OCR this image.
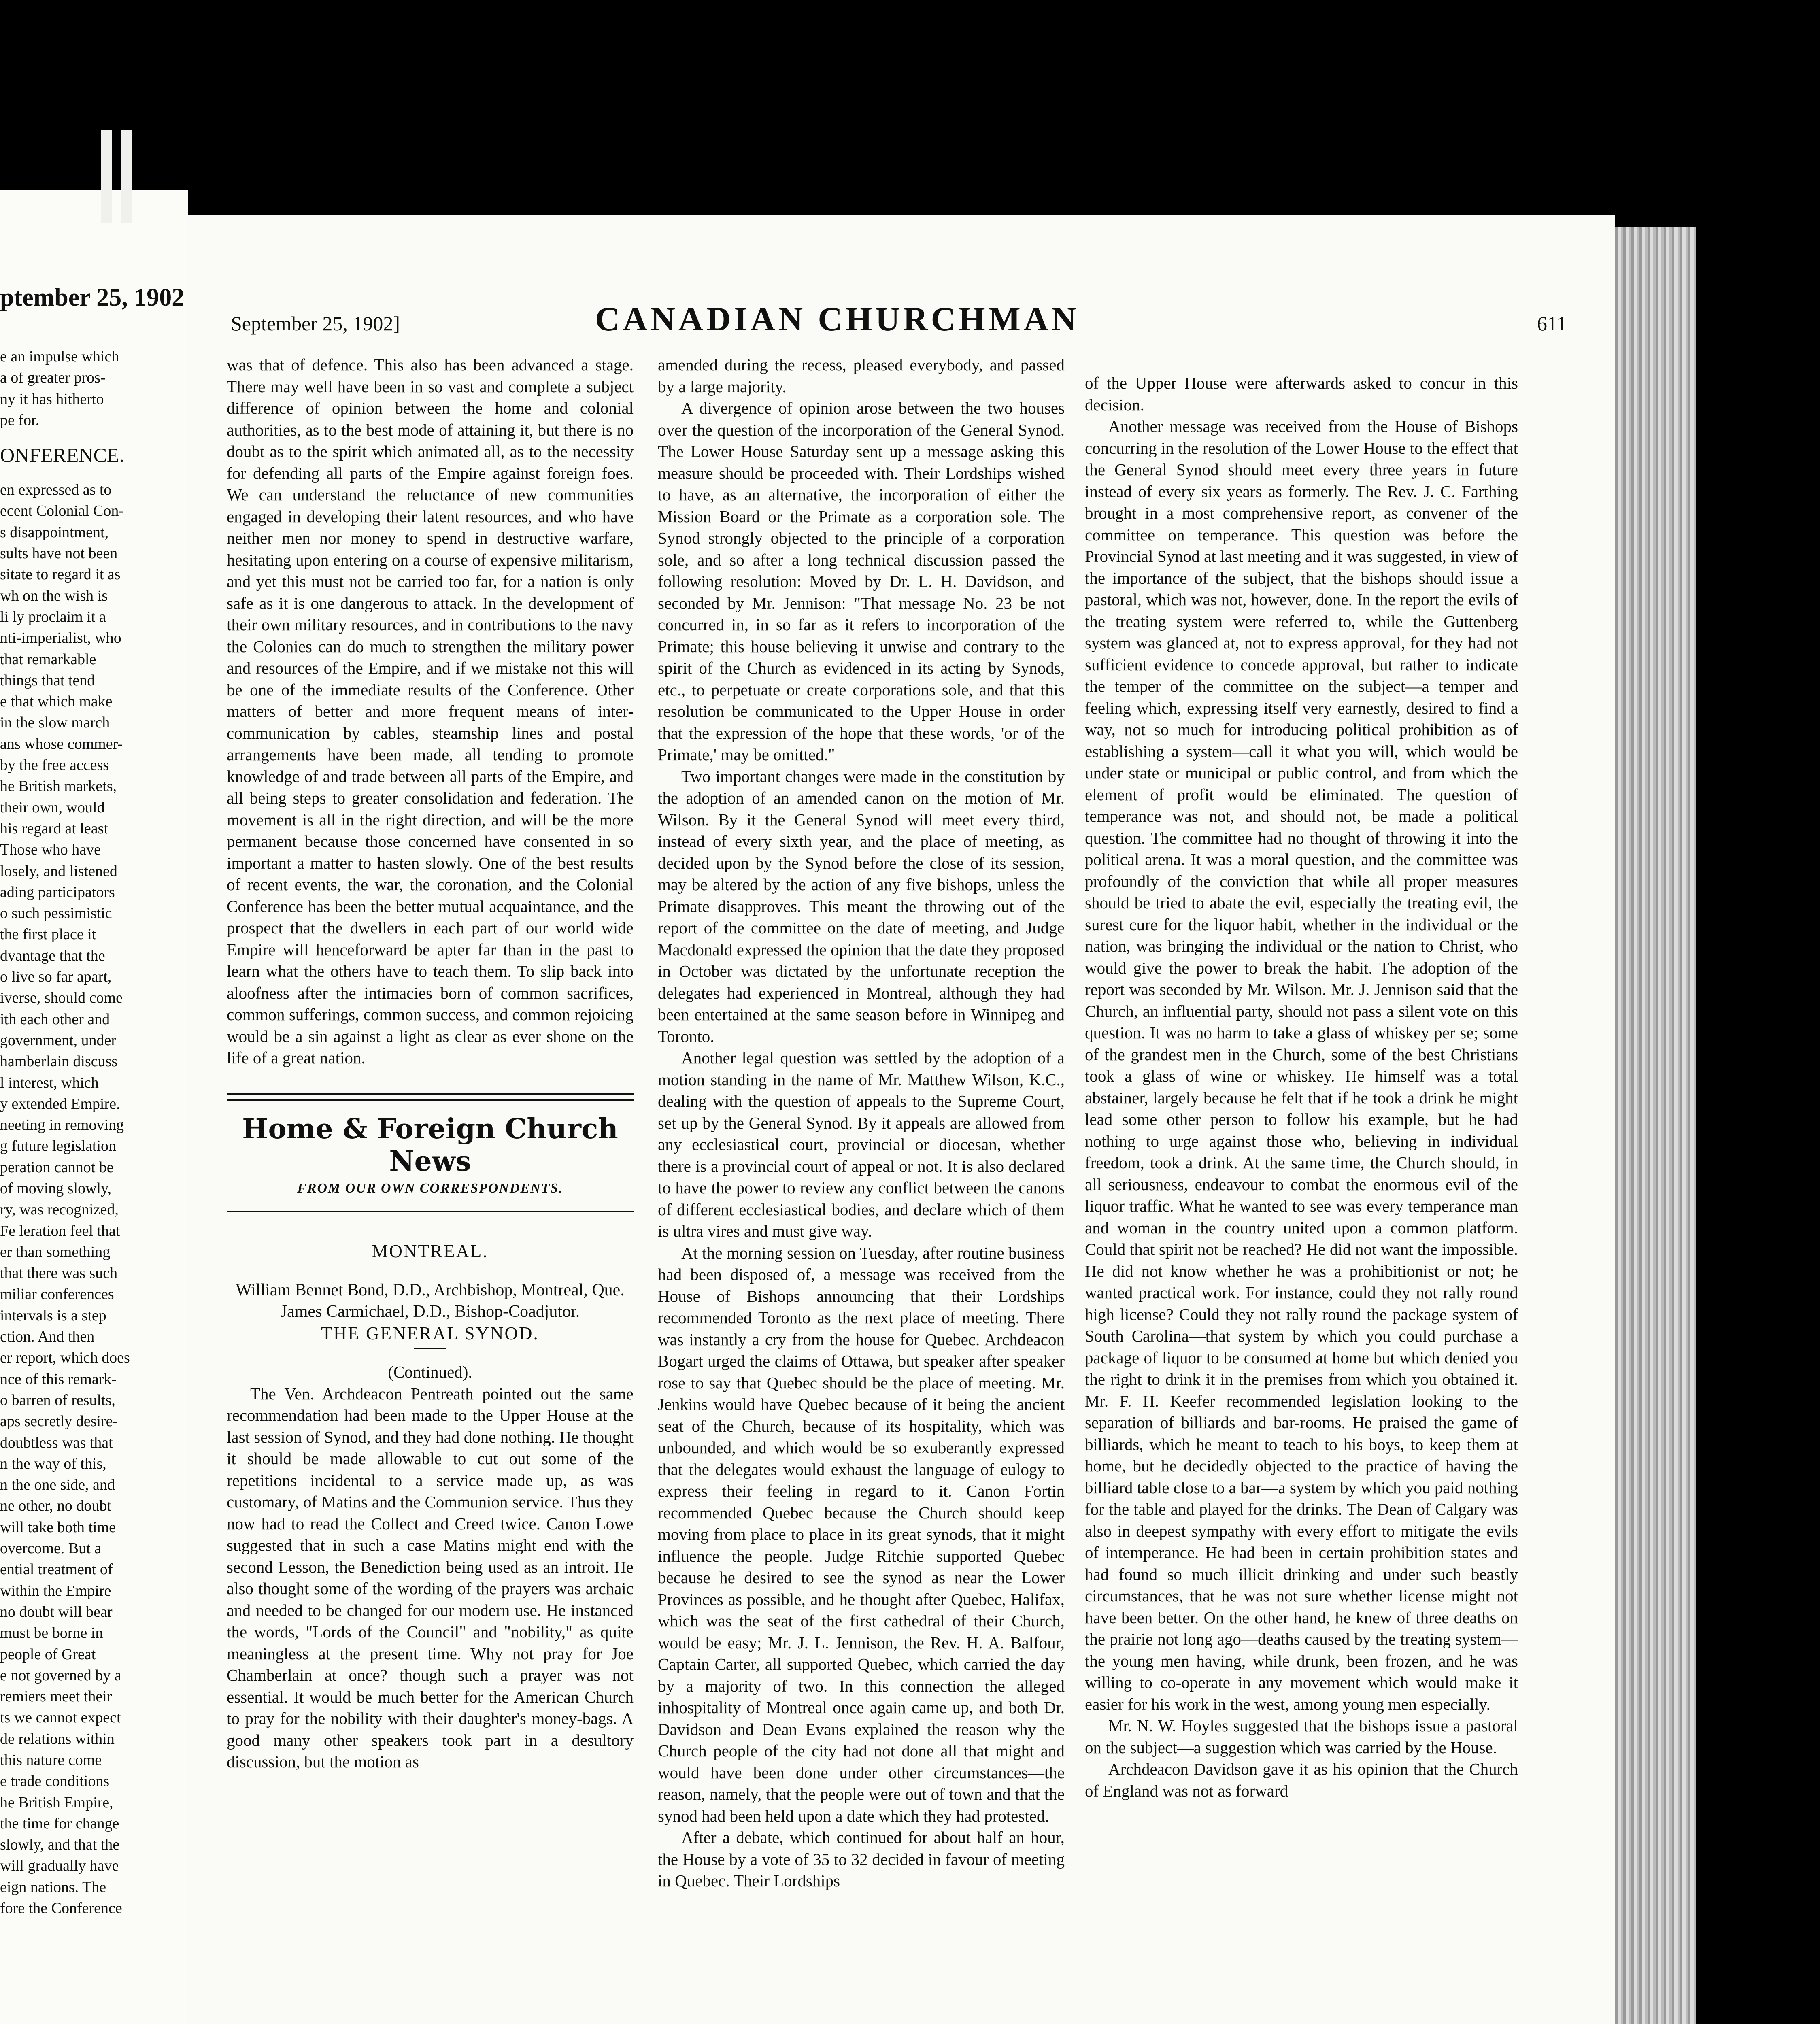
ptember 25, 1902
e an impulse which
a of greater pros-
ny it has hitherto
pe for.
ONFERENCE.
en expressed as to
ecent Colonial Con-
s disappointment,
sults have not been
sitate to regard it as
wh on the wish is
li ly proclaim it a
nti-imperialist, who
that remarkable
things that tend
e that which make
in the slow march
ans whose commer-
by the free access
he British markets,
their own, would
his regard at least
Those who have
losely, and listened
ading participators
o such pessimistic
the first place it
dvantage that the
o live so far apart,
iverse, should come
ith each other and
government, under
hamberlain discuss
l interest, which
y extended Empire.
neeting in removing
g future legislation
peration cannot be
of moving slowly,
ry, was recognized,
Fe leration feel that
er than something
that there was such
miliar conferences
intervals is a step
ction. And then
er report, which does
nce of this remark-
o barren of results,
aps secretly desire-
doubtless was that
n the way of this,
n the one side, and
ne other, no doubt
will take both time
overcome. But a
ential treatment of
within the Empire
no doubt will bear
must be borne in
people of Great
e not governed by a
remiers meet their
ts we cannot expect
de relations within
this nature come
e trade conditions
he British Empire,
the time for change
slowly, and that the
will gradually have
eign nations. The
fore the Conference
September 25, 1902]	CANADIAN CHURCHMAN	611

was that of defence. This also has been advanced a stage. There may well have been in so vast and complete a subject difference of opinion between the home and colonial authorities, as to the best mode of attaining it, but there is no doubt as to the spirit which animated all, as to the necessity for defending all parts of the Empire against foreign foes. We can understand the reluctance of new communities engaged in developing their latent resources, and who have neither men nor money to spend in destructive warfare, hesitating upon entering on a course of expensive militarism, and yet this must not be carried too far, for a nation is only safe as it is one dangerous to attack. In the development of their own military resources, and in contributions to the navy the Colonies can do much to strengthen the military power and resources of the Empire, and if we mistake not this will be one of the immediate results of the Conference. Other matters of better and more frequent means of inter-communication by cables, steamship lines and postal arrangements have been made, all tending to promote knowledge of and trade between all parts of the Empire, and all being steps to greater consolidation and federation. The movement is all in the right direction, and will be the more permanent because those concerned have consented in so important a matter to hasten slowly. One of the best results of recent events, the war, the coronation, and the Colonial Conference has been the better mutual acquaintance, and the prospect that the dwellers in each part of our world wide Empire will henceforward be apter far than in the past to learn what the others have to teach them. To slip back into aloofness after the intimacies born of common sacrifices, common sufferings, common success, and common rejoicing would be a sin against a light as clear as ever shone on the life of a great nation.

Home & Foreign Church News
FROM OUR OWN CORRESPONDENTS.

MONTREAL.

William Bennet Bond, D.D., Archbishop, Montreal, Que.

James Carmichael, D.D., Bishop-Coadjutor.

THE GENERAL SYNOD.

(Continued).

The Ven. Archdeacon Pentreath pointed out the same recommendation had been made to the Upper House at the last session of Synod, and they had done nothing. He thought it should be made allowable to cut out some of the repetitions incidental to a service made up, as was customary, of Matins and the Communion service. Thus they now had to read the Collect and Creed twice. Canon Lowe suggested that in such a case Matins might end with the second Lesson, the Benediction being used as an introit. He also thought some of the wording of the prayers was archaic and needed to be changed for our modern use. He instanced the words, "Lords of the Council" and "nobility," as quite meaningless at the present time. Why not pray for Joe Chamberlain at once? though such a prayer was not essential. It would be much better for the American Church to pray for the nobility with their daughter's money-bags. A good many other speakers took part in a desultory discussion, but the motion as

amended during the recess, pleased everybody, and passed by a large majority.

A divergence of opinion arose between the two houses over the question of the incorporation of the General Synod. The Lower House Saturday sent up a message asking this measure should be proceeded with. Their Lordships wished to have, as an alternative, the incorporation of either the Mission Board or the Primate as a corporation sole. The Synod strongly objected to the principle of a corporation sole, and so after a long technical discussion passed the following resolution: Moved by Dr. L. H. Davidson, and seconded by Mr. Jennison: "That message No. 23 be not concurred in, in so far as it refers to incorporation of the Primate; this house believing it unwise and contrary to the spirit of the Church as evidenced in its acting by Synods, etc., to perpetuate or create corporations sole, and that this resolution be communicated to the Upper House in order that the expression of the hope that these words, 'or of the Primate,' may be omitted."

Two important changes were made in the constitution by the adoption of an amended canon on the motion of Mr. Wilson. By it the General Synod will meet every third, instead of every sixth year, and the place of meeting, as decided upon by the Synod before the close of its session, may be altered by the action of any five bishops, unless the Primate disapproves. This meant the throwing out of the report of the committee on the date of meeting, and Judge Macdonald expressed the opinion that the date they proposed in October was dictated by the unfortunate reception the delegates had experienced in Montreal, although they had been entertained at the same season before in Winnipeg and Toronto.

Another legal question was settled by the adoption of a motion standing in the name of Mr. Matthew Wilson, K.C., dealing with the question of appeals to the Supreme Court, set up by the General Synod. By it appeals are allowed from any ecclesiastical court, provincial or diocesan, whether there is a provincial court of appeal or not. It is also declared to have the power to review any conflict between the canons of different ecclesiastical bodies, and declare which of them is ultra vires and must give way.

At the morning session on Tuesday, after routine business had been disposed of, a message was received from the House of Bishops announcing that their Lordships recommended Toronto as the next place of meeting. There was instantly a cry from the house for Quebec. Archdeacon Bogart urged the claims of Ottawa, but speaker after speaker rose to say that Quebec should be the place of meeting. Mr. Jenkins would have Quebec because of it being the ancient seat of the Church, because of its hospitality, which was unbounded, and which would be so exuberantly expressed that the delegates would exhaust the language of eulogy to express their feeling in regard to it. Canon Fortin recommended Quebec because the Church should keep moving from place to place in its great synods, that it might influence the people. Judge Ritchie supported Quebec because he desired to see the synod as near the Lower Provinces as possible, and he thought after Quebec, Halifax, which was the seat of the first cathedral of their Church, would be easy; Mr. J. L. Jennison, the Rev. H. A. Balfour, Captain Carter, all supported Quebec, which carried the day by a majority of two. In this connection the alleged inhospitality of Montreal once again came up, and both Dr. Davidson and Dean Evans explained the reason why the Church people of the city had not done all that might and would have been done under other circumstances—the reason, namely, that the people were out of town and that the synod had been held upon a date which they had protested.

After a debate, which continued for about half an hour, the House by a vote of 35 to 32 decided in favour of meeting in Quebec. Their Lordships

of the Upper House were afterwards asked to concur in this decision.

Another message was received from the House of Bishops concurring in the resolution of the Lower House to the effect that the General Synod should meet every three years in future instead of every six years as formerly. The Rev. J. C. Farthing brought in a most comprehensive report, as convener of the committee on temperance. This question was before the Provincial Synod at last meeting and it was suggested, in view of the importance of the subject, that the bishops should issue a pastoral, which was not, however, done. In the report the evils of the treating system were referred to, while the Guttenberg system was glanced at, not to express approval, for they had not sufficient evidence to concede approval, but rather to indicate the temper of the committee on the subject—a temper and feeling which, expressing itself very earnestly, desired to find a way, not so much for introducing political prohibition as of establishing a system—call it what you will, which would be under state or municipal or public control, and from which the element of profit would be eliminated. The question of temperance was not, and should not, be made a political question. The committee had no thought of throwing it into the political arena. It was a moral question, and the committee was profoundly of the conviction that while all proper measures should be tried to abate the evil, especially the treating evil, the surest cure for the liquor habit, whether in the individual or the nation, was bringing the individual or the nation to Christ, who would give the power to break the habit. The adoption of the report was seconded by Mr. Wilson. Mr. J. Jennison said that the Church, an influential party, should not pass a silent vote on this question. It was no harm to take a glass of whiskey per se; some of the grandest men in the Church, some of the best Christians took a glass of wine or whiskey. He himself was a total abstainer, largely because he felt that if he took a drink he might lead some other person to follow his example, but he had nothing to urge against those who, believing in individual freedom, took a drink. At the same time, the Church should, in all seriousness, endeavour to combat the enormous evil of the liquor traffic. What he wanted to see was every temperance man and woman in the country united upon a common platform. Could that spirit not be reached? He did not want the impossible. He did not know whether he was a prohibitionist or not; he wanted practical work. For instance, could they not rally round high license? Could they not rally round the package system of South Carolina—that system by which you could purchase a package of liquor to be consumed at home but which denied you the right to drink it in the premises from which you obtained it. Mr. F. H. Keefer recommended legislation looking to the separation of billiards and bar-rooms. He praised the game of billiards, which he meant to teach to his boys, to keep them at home, but he decidedly objected to the practice of having the billiard table close to a bar—a system by which you paid nothing for the table and played for the drinks. The Dean of Calgary was also in deepest sympathy with every effort to mitigate the evils of intemperance. He had been in certain prohibition states and had found so much illicit drinking and under such beastly circumstances, that he was not sure whether license might not have been better. On the other hand, he knew of three deaths on the prairie not long ago—deaths caused by the treating system—the young men having, while drunk, been frozen, and he was willing to co-operate in any movement which would make it easier for his work in the west, among young men especially.

Mr. N. W. Hoyles suggested that the bishops issue a pastoral on the subject—a suggestion which was carried by the House.

Archdeacon Davidson gave it as his opinion that the Church of England was not as forward
